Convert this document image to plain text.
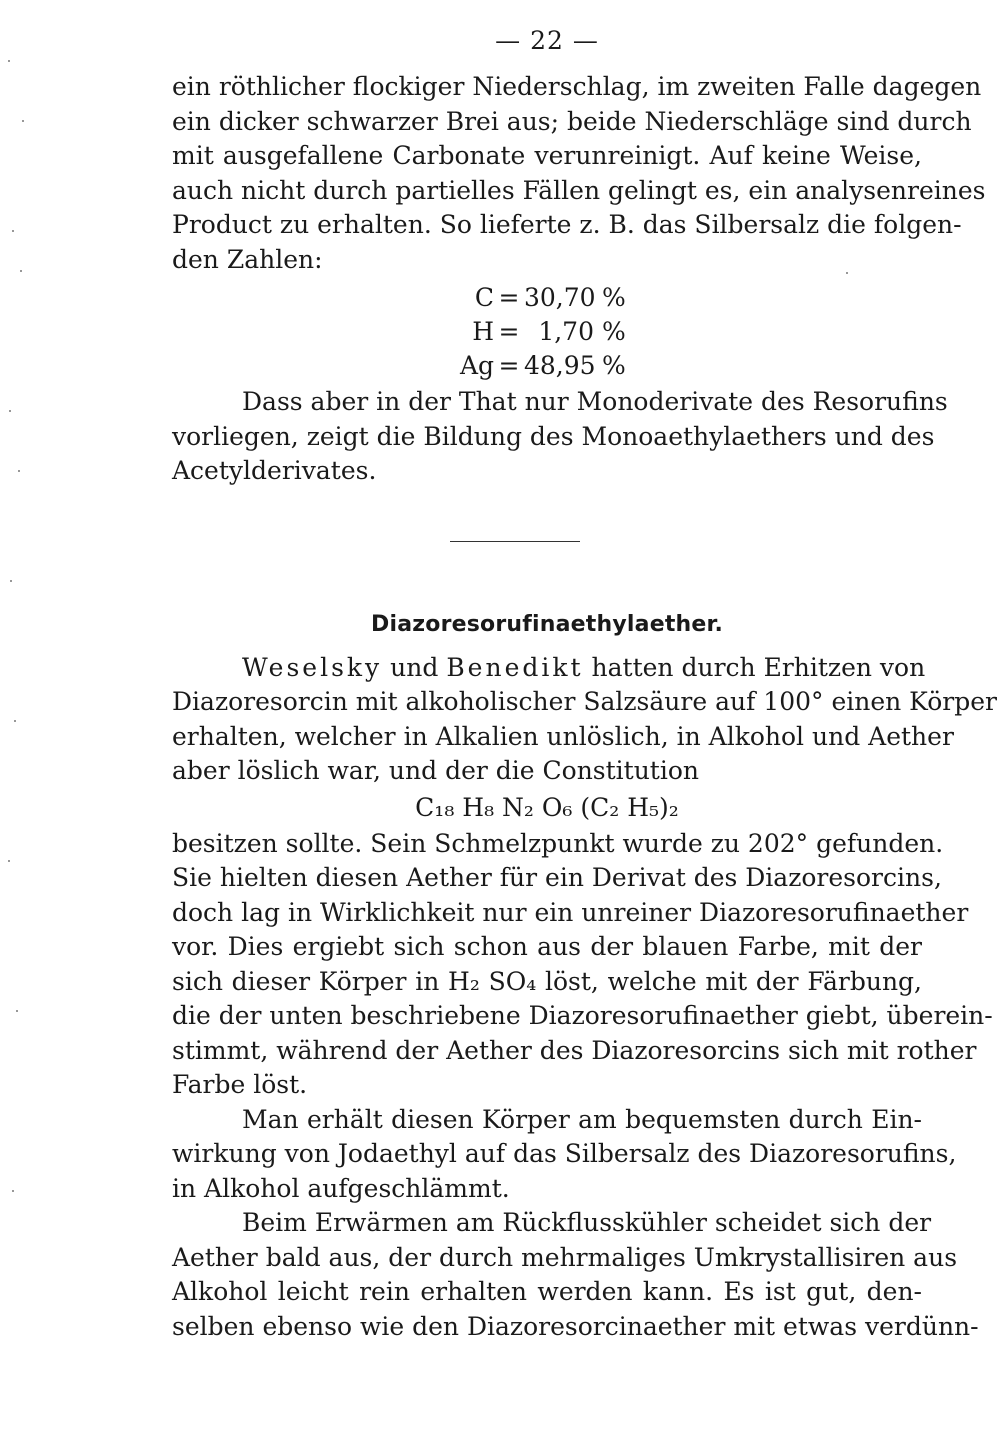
— 22 —

ein röthlicher flockiger Niederschlag, im zweiten Falle dagegen
ein dicker schwarzer Brei aus; beide Niederschläge sind durch
mit ausgefallene Carbonate verunreinigt. Auf keine Weise,
auch nicht durch partielles Fällen gelingt es, ein analysenreines
Product zu erhalten. So lieferte z. B. das Silbersalz die folgen-
den Zahlen:

C = 30,70 %
H = 1,70 %
Ag = 48,95 %

Dass aber in der That nur Monoderivate des Resorufins
vorliegen, zeigt die Bildung des Monoaethylaethers und des
Acetylderivates.

Diazoresorufinaethylaether.

Weselsky und Benedikt hatten durch Erhitzen von
Diazoresorcin mit alkoholischer Salzsäure auf 100° einen Körper
erhalten, welcher in Alkalien unlöslich, in Alkohol und Aether
aber löslich war, und der die Constitution

C₁₈ H₈ N₂ O₆ (C₂ H₅)₂

besitzen sollte. Sein Schmelzpunkt wurde zu 202° gefunden.
Sie hielten diesen Aether für ein Derivat des Diazoresorcins,
doch lag in Wirklichkeit nur ein unreiner Diazoresorufinaether
vor. Dies ergiebt sich schon aus der blauen Farbe, mit der
sich dieser Körper in H₂ SO₄ löst, welche mit der Färbung,
die der unten beschriebene Diazoresorufinaether giebt, überein-
stimmt, während der Aether des Diazoresorcins sich mit rother
Farbe löst.

Man erhält diesen Körper am bequemsten durch Ein-
wirkung von Jodaethyl auf das Silbersalz des Diazoresorufins,
in Alkohol aufgeschlämmt.

Beim Erwärmen am Rückflusskühler scheidet sich der
Aether bald aus, der durch mehrmaliges Umkrystallisiren aus
Alkohol leicht rein erhalten werden kann. Es ist gut, den-
selben ebenso wie den Diazoresorcinaether mit etwas verdünn-
